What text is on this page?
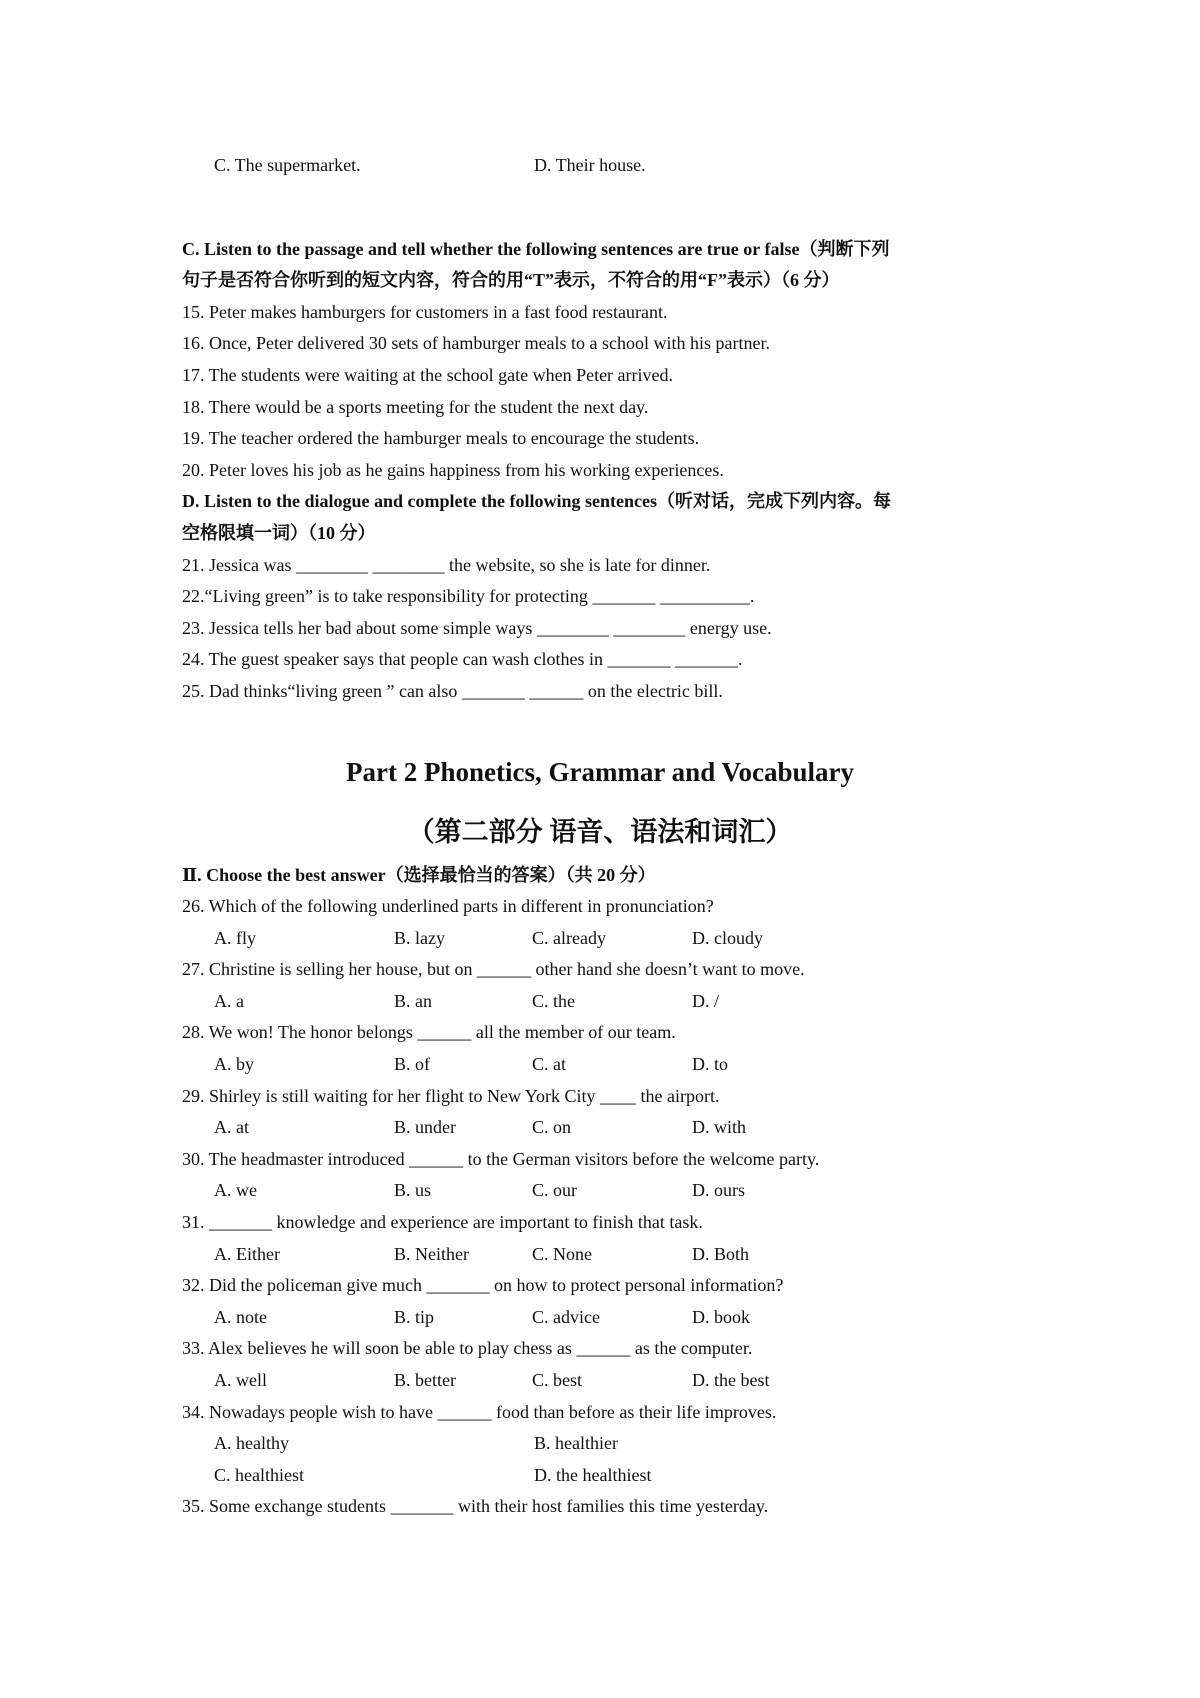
C. The supermarket.	D. Their house.
C. Listen to the passage and tell whether the following sentences are true or false（判断下列
句子是否符合你听到的短文内容，符合的用“T”表示，不符合的用“F”表示）（6 分）
15. Peter makes hamburgers for customers in a fast food restaurant.
16. Once, Peter delivered 30 sets of hamburger meals to a school with his partner.
17. The students were waiting at the school gate when Peter arrived.
18. There would be a sports meeting for the student the next day.
19. The teacher ordered the hamburger meals to encourage the students.
20. Peter loves his job as he gains happiness from his working experiences.
D. Listen to the dialogue and complete the following sentences（听对话，完成下列内容。每
空格限填一词）（10 分）
21. Jessica was ________ ________ the website, so she is late for dinner.
22.“Living green” is to take responsibility for protecting _______ __________.
23. Jessica tells her bad about some simple ways ________ ________ energy use.
24. The guest speaker says that people can wash clothes in _______ _______.
25. Dad thinks“living green ” can also _______ ______ on the electric bill.
Part 2 Phonetics, Grammar and Vocabulary
（第二部分 语音、语法和词汇）
Ⅱ. Choose the best answer（选择最恰当的答案）（共 20 分）
26. Which of the following underlined parts in different in pronunciation?
A. fly	B. lazy	C. already	D. cloudy
27. Christine is selling her house, but on ______ other hand she doesn’t want to move.
A. a	B. an	C. the	D. /
28. We won! The honor belongs ______ all the member of our team.
A. by	B. of	C. at	D. to
29. Shirley is still waiting for her flight to New York City ____ the airport.
A. at	B. under	C. on	D. with
30. The headmaster introduced ______ to the German visitors before the welcome party.
A. we	B. us	C. our	D. ours
31. _______ knowledge and experience are important to finish that task.
A. Either	B. Neither	C. None	D. Both
32. Did the policeman give much _______ on how to protect personal information?
A. note	B. tip	C. advice	D. book
33. Alex believes he will soon be able to play chess as ______ as the computer.
A. well	B. better	C. best	D. the best
34. Nowadays people wish to have ______ food than before as their life improves.
A. healthy	B. healthier
C. healthiest	D. the healthiest
35. Some exchange students _______ with their host families this time yesterday.
